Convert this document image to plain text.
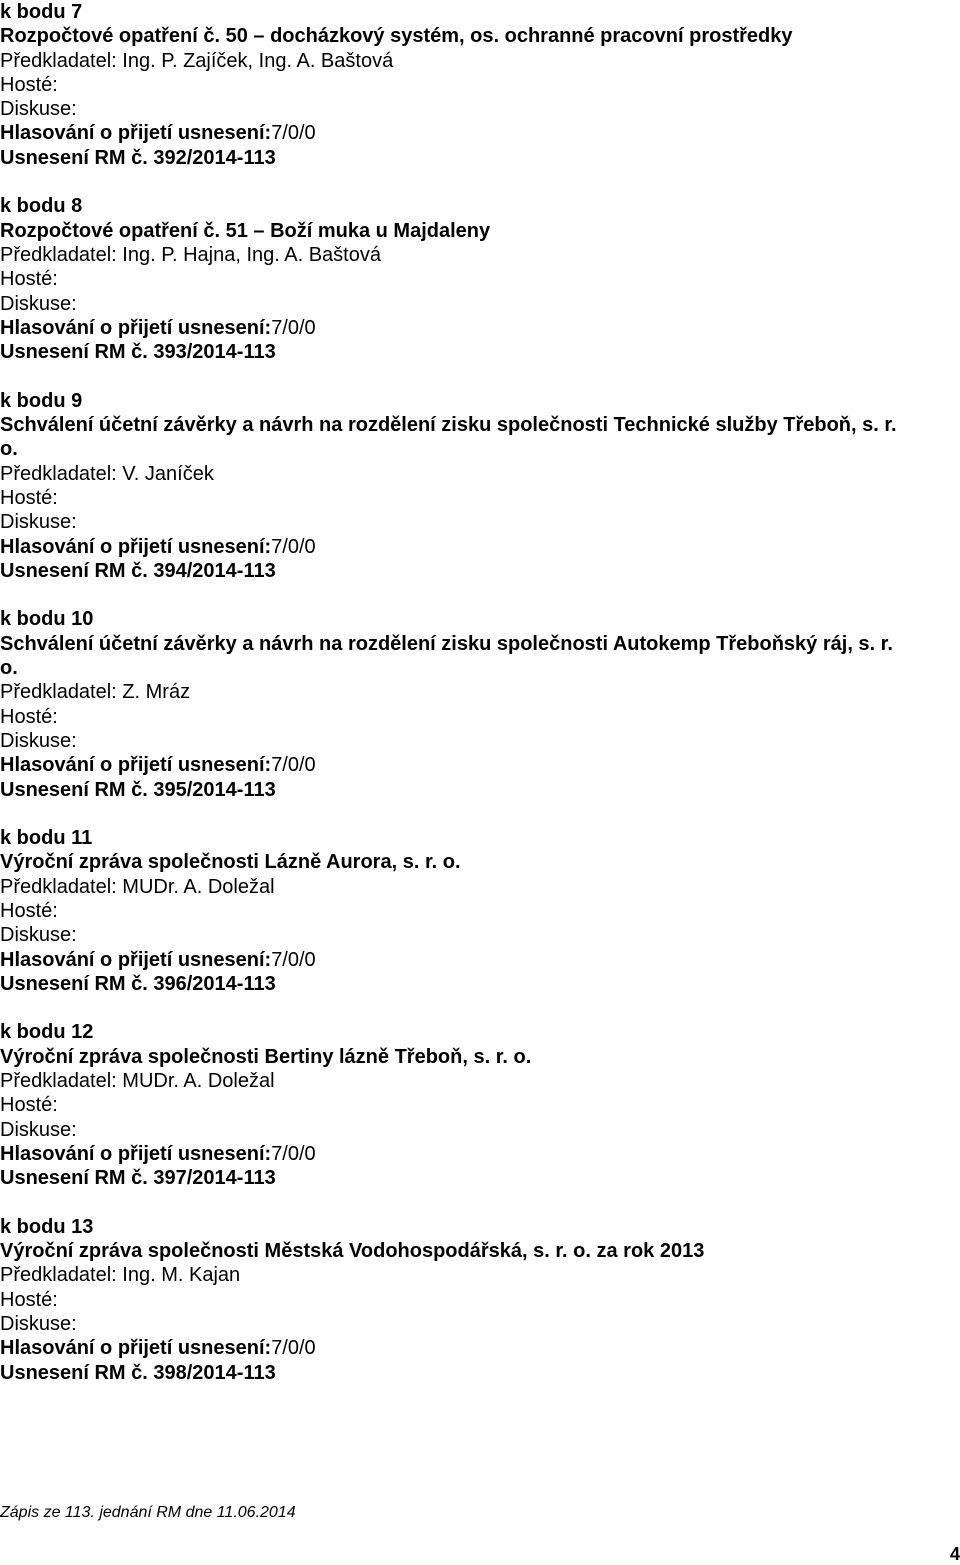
k bodu 7
Rozpočtové opatření č. 50 – docházkový systém, os. ochranné pracovní prostředky
Předkladatel: Ing. P. Zajíček, Ing. A. Baštová
Hosté:
Diskuse:
Hlasování o přijetí usnesení:7/0/0
Usnesení RM č. 392/2014-113
k bodu 8
Rozpočtové opatření č. 51 – Boží muka u Majdaleny
Předkladatel: Ing. P. Hajna, Ing. A. Baštová
Hosté:
Diskuse:
Hlasování o přijetí usnesení:7/0/0
Usnesení RM č. 393/2014-113
k bodu 9
Schválení účetní závěrky a návrh na rozdělení zisku společnosti Technické služby Třeboň, s. r. o.
Předkladatel: V. Janíček
Hosté:
Diskuse:
Hlasování o přijetí usnesení:7/0/0
Usnesení RM č. 394/2014-113
k bodu 10
Schválení účetní závěrky a návrh na rozdělení zisku společnosti Autokemp Třeboňský ráj, s. r. o.
Předkladatel: Z. Mráz
Hosté:
Diskuse:
Hlasování o přijetí usnesení:7/0/0
Usnesení RM č. 395/2014-113
k bodu 11
Výroční zpráva společnosti Lázně Aurora, s. r. o.
Předkladatel: MUDr. A. Doležal
Hosté:
Diskuse:
Hlasování o přijetí usnesení:7/0/0
Usnesení RM č. 396/2014-113
k bodu 12
Výroční zpráva společnosti Bertiny lázně Třeboň, s. r. o.
Předkladatel: MUDr. A. Doležal
Hosté:
Diskuse:
Hlasování o přijetí usnesení:7/0/0
Usnesení RM č. 397/2014-113
k bodu 13
Výroční zpráva společnosti Městská Vodohospodářská, s. r. o. za rok 2013
Předkladatel: Ing. M. Kajan
Hosté:
Diskuse:
Hlasování o přijetí usnesení:7/0/0
Usnesení RM č. 398/2014-113
Zápis ze 113. jednání RM dne 11.06.2014
4
